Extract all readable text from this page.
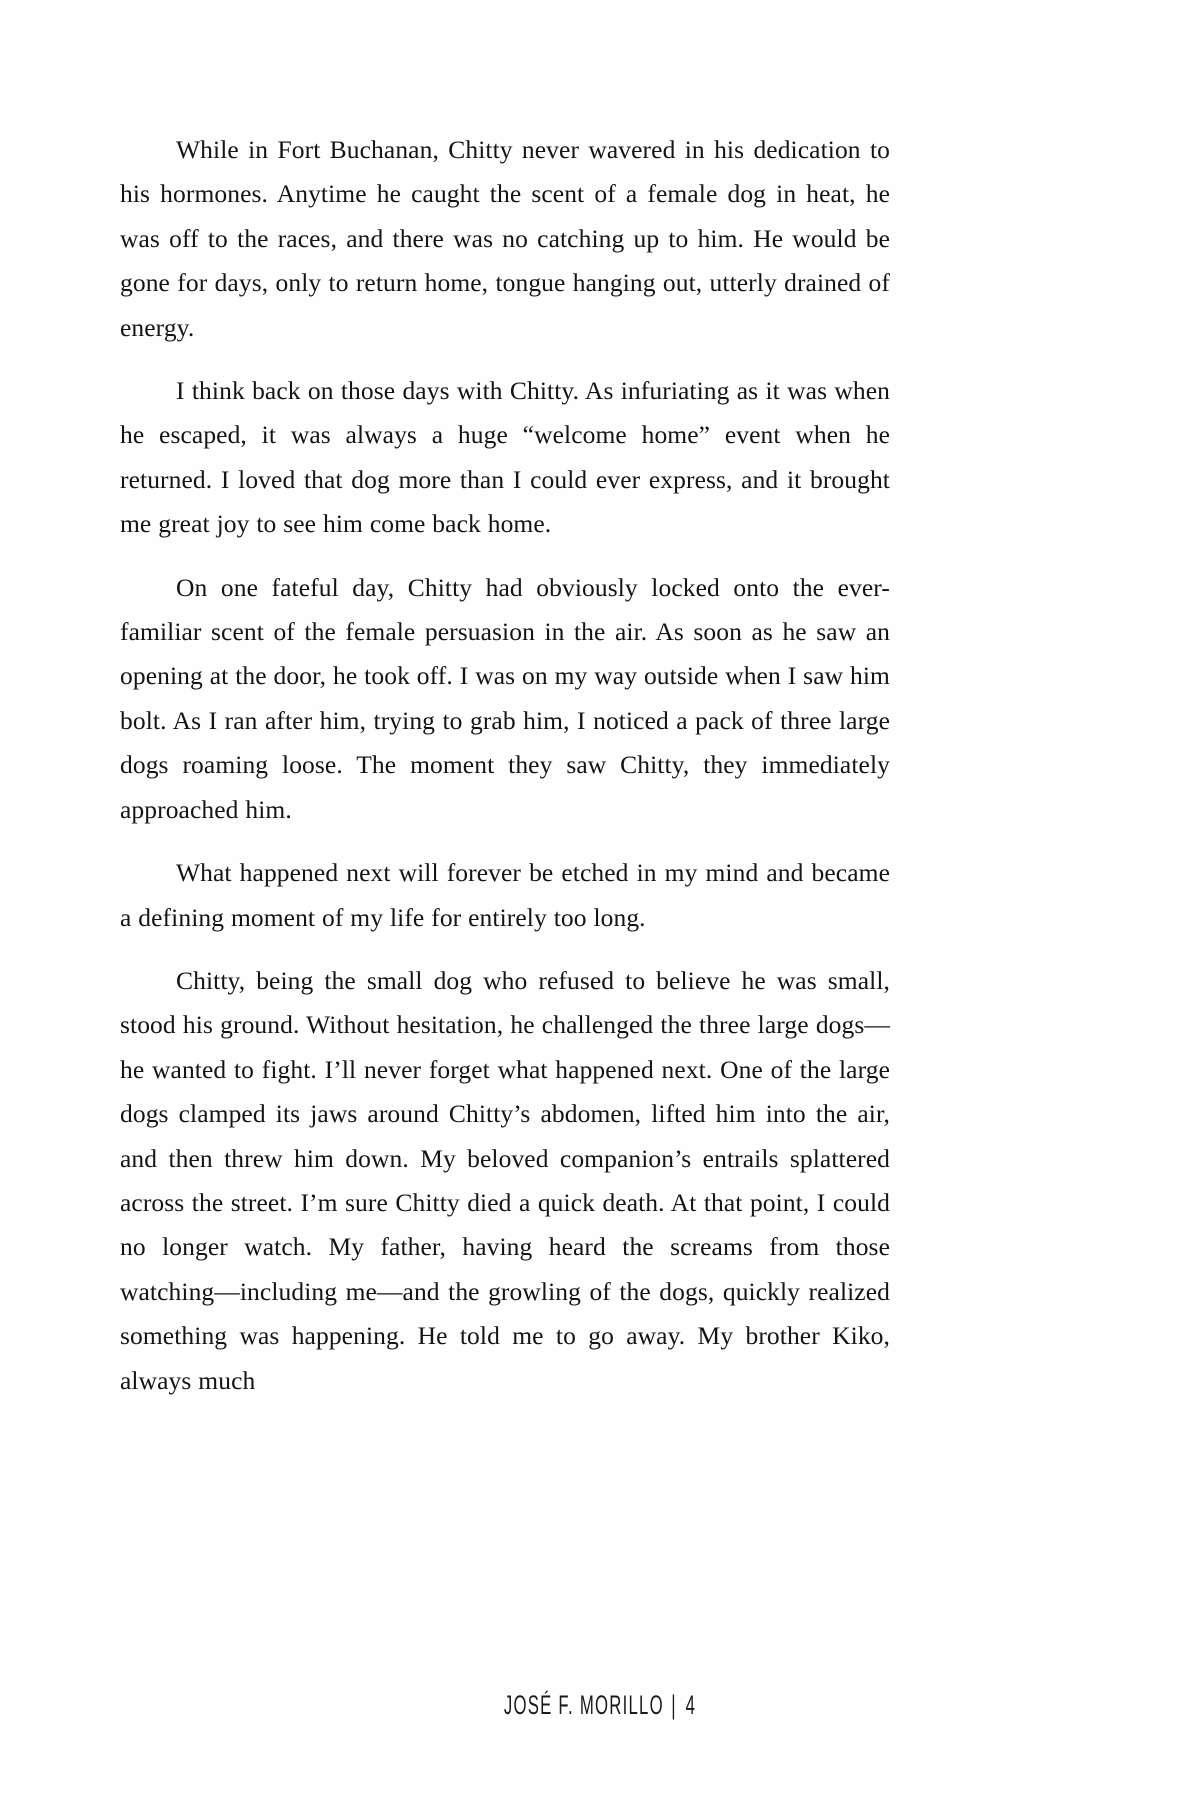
While in Fort Buchanan, Chitty never wavered in his dedication to his hormones. Anytime he caught the scent of a female dog in heat, he was off to the races, and there was no catching up to him. He would be gone for days, only to return home, tongue hanging out, utterly drained of energy.

I think back on those days with Chitty. As infuriating as it was when he escaped, it was always a huge “welcome home” event when he returned. I loved that dog more than I could ever express, and it brought me great joy to see him come back home.

On one fateful day, Chitty had obviously locked onto the ever-familiar scent of the female persuasion in the air. As soon as he saw an opening at the door, he took off. I was on my way outside when I saw him bolt. As I ran after him, trying to grab him, I noticed a pack of three large dogs roaming loose. The moment they saw Chitty, they immediately approached him.

What happened next will forever be etched in my mind and became a defining moment of my life for entirely too long.

Chitty, being the small dog who refused to believe he was small, stood his ground. Without hesitation, he challenged the three large dogs—he wanted to fight. I’ll never forget what happened next. One of the large dogs clamped its jaws around Chitty’s abdomen, lifted him into the air, and then threw him down. My beloved companion’s entrails splattered across the street. I’m sure Chitty died a quick death. At that point, I could no longer watch. My father, having heard the screams from those watching—including me—and the growling of the dogs, quickly realized something was happening. He told me to go away. My brother Kiko, always much

JOSÉ F. MORILLO | 4
